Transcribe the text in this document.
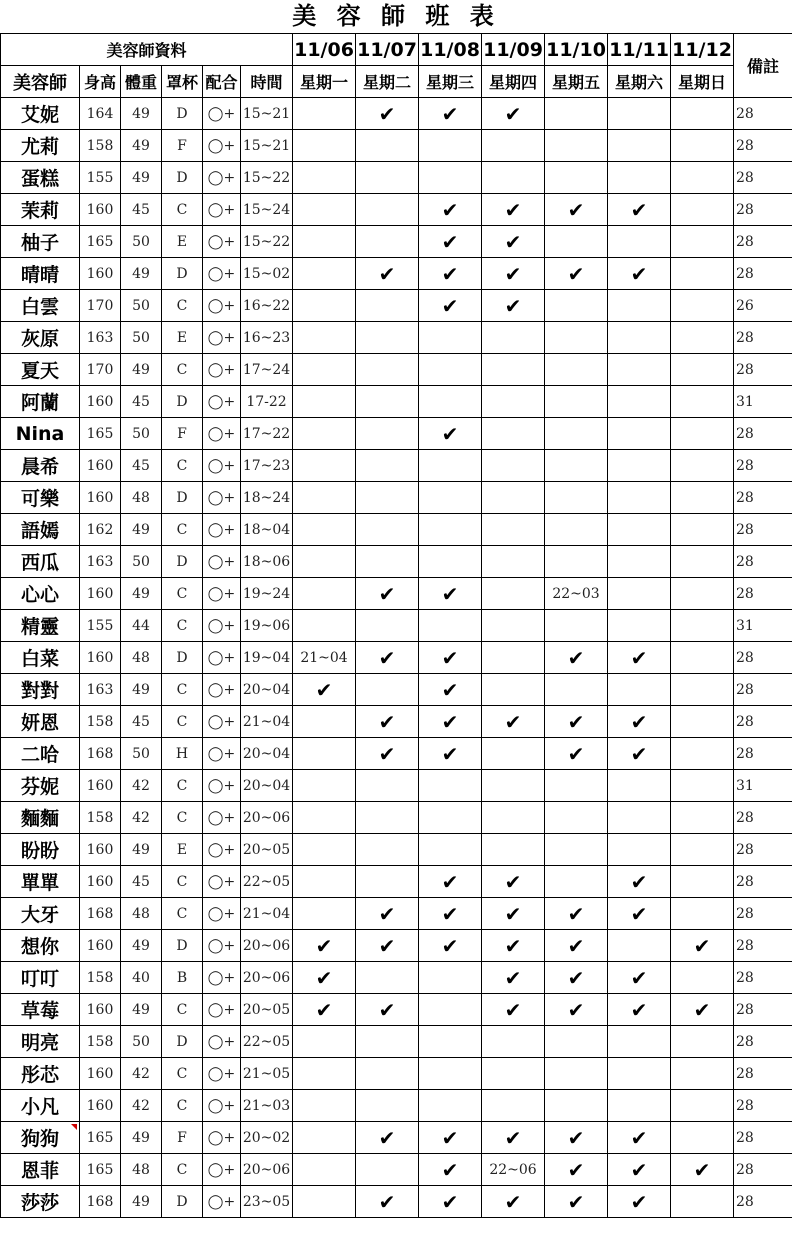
美 容 師 班 表
美容師資料						11/06	11/07	11/08	11/09	11/10	11/11	11/12	備註
美容師	身高	體重	罩杯	配合	時間	星期一	星期二	星期三	星期四	星期五	星期六	星期日	
艾妮	164	49	D	◯+	15~21		✔	✔	✔				28
尤莉	158	49	F	◯+	15~21								28
蛋糕	155	49	D	◯+	15~22								28
茉莉	160	45	C	◯+	15~24			✔	✔	✔	✔		28
柚子	165	50	E	◯+	15~22			✔	✔				28
晴晴	160	49	D	◯+	15~02		✔	✔	✔	✔	✔		28
白雲	170	50	C	◯+	16~22			✔	✔				26
灰原	163	50	E	◯+	16~23								28
夏天	170	49	C	◯+	17~24								28
阿蘭	160	45	D	◯+	17-22								31
Nina	165	50	F	◯+	17~22			✔					28
晨希	160	45	C	◯+	17~23								28
可樂	160	48	D	◯+	18~24								28
語嫣	162	49	C	◯+	18~04								28
西瓜	163	50	D	◯+	18~06								28
心心	160	49	C	◯+	19~24		✔	✔		22~03			28
精靈	155	44	C	◯+	19~06								31
白菜	160	48	D	◯+	19~04	21~04	✔	✔		✔	✔		28
對對	163	49	C	◯+	20~04	✔		✔					28
妍恩	158	45	C	◯+	21~04		✔	✔	✔	✔	✔		28
二哈	168	50	H	◯+	20~04		✔	✔		✔	✔		28
芬妮	160	42	C	◯+	20~04								31
麵麵	158	42	C	◯+	20~06								28
盼盼	160	49	E	◯+	20~05								28
單單	160	45	C	◯+	22~05			✔	✔		✔		28
大牙	168	48	C	◯+	21~04		✔	✔	✔	✔	✔		28
想你	160	49	D	◯+	20~06	✔	✔	✔	✔	✔		✔	28
叮叮	158	40	B	◯+	20~06	✔			✔	✔	✔		28
草莓	160	49	C	◯+	20~05	✔	✔		✔	✔	✔	✔	28
明亮	158	50	D	◯+	22~05								28
彤芯	160	42	C	◯+	21~05								28
小凡	160	42	C	◯+	21~03								28
狗狗	165	49	F	◯+	20~02		✔	✔	✔	✔	✔		28
恩菲	165	48	C	◯+	20~06			✔	22~06	✔	✔	✔	28
莎莎	168	49	D	◯+	23~05		✔	✔	✔	✔	✔		28
